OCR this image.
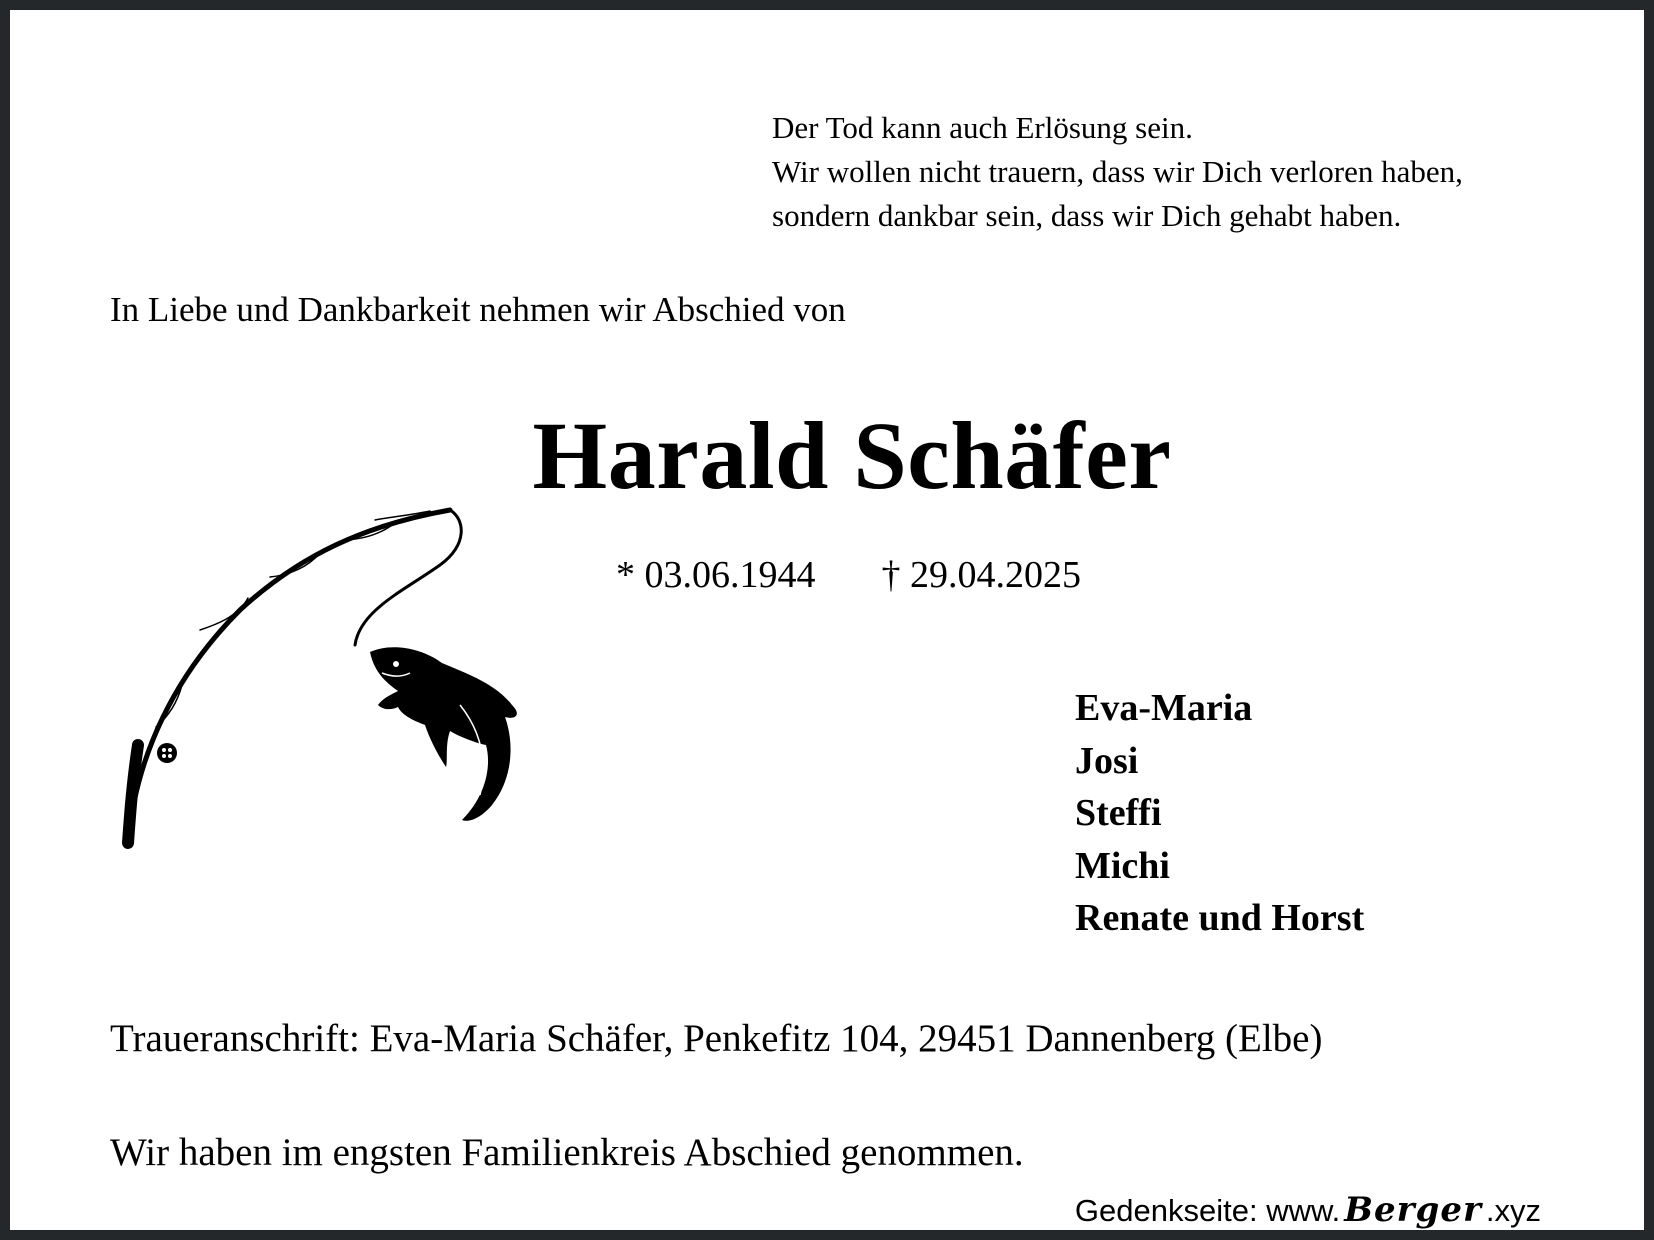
Der Tod kann auch Erlösung sein.
Wir wollen nicht trauern, dass wir Dich verloren haben,
sondern dankbar sein, dass wir Dich gehabt haben.

In Liebe und Dankbarkeit nehmen wir Abschied von
Harald Schäfer
* 03.06.1944 † 29.04.2025
Eva-Maria
Josi
Steffi
Michi
Renate und Horst
Traueranschrift: Eva-Maria Schäfer, Penkefitz 104, 29451 Dannenberg (Elbe)
Wir haben im engsten Familienkreis Abschied genommen.
Gedenkseite: www. Berger .xyz
